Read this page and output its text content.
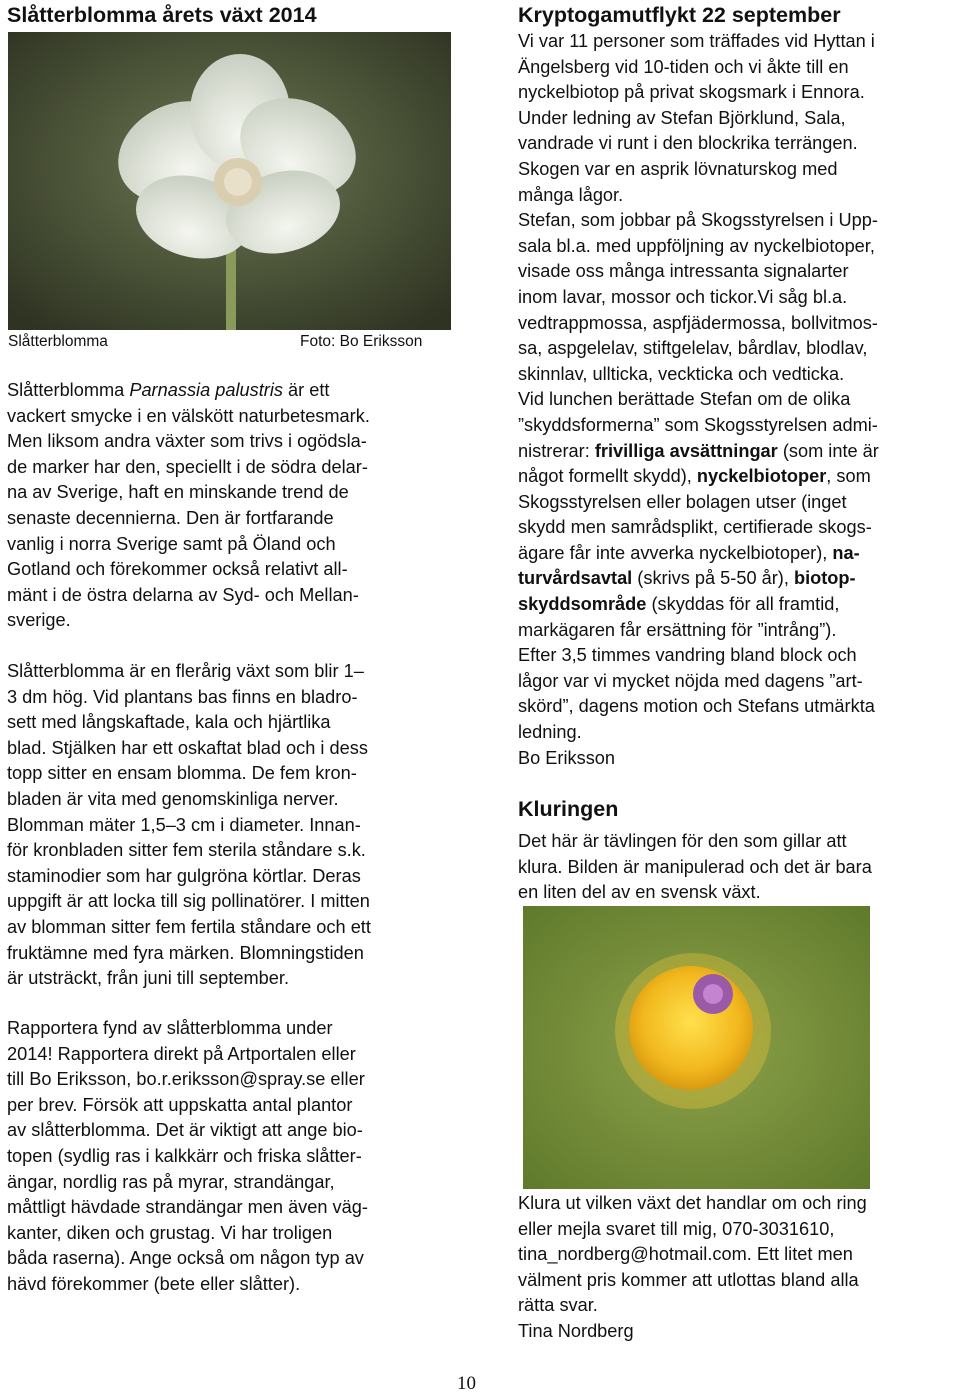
Slåtterblomma årets växt 2014	Kryptogamutflykt 22 september
Slåtterblomma	Foto: Bo Eriksson

Slåtterblomma Parnassia palustris är ett
vackert smycke i en välskött naturbetesmark.
Men liksom andra växter som trivs i ogödsla-
de marker har den, speciellt i de södra delar-
na av Sverige, haft en minskande trend de
senaste decennierna. Den är fortfarande
vanlig i norra Sverige samt på Öland och
Gotland och förekommer också relativt all-
mänt i de östra delarna av Syd- och Mellan-
sverige.

Slåtterblomma är en flerårig växt som blir 1–
3 dm hög. Vid plantans bas finns en bladro-
sett med långskaftade, kala och hjärtlika
blad. Stjälken har ett oskaftat blad och i dess
topp sitter en ensam blomma. De fem kron-
bladen är vita med genomskinliga nerver.
Blomman mäter 1,5–3 cm i diameter. Innan-
för kronbladen sitter fem sterila ståndare s.k.
staminodier som har gulgröna körtlar. Deras
uppgift är att locka till sig pollinatörer. I mitten
av blomman sitter fem fertila ståndare och ett
fruktämne med fyra märken. Blomningstiden
är utsträckt, från juni till september.

Rapportera fynd av slåtterblomma under
2014! Rapportera direkt på Artportalen eller
till Bo Eriksson, bo.r.eriksson@spray.se eller
per brev. Försök att uppskatta antal plantor
av slåtterblomma. Det är viktigt att ange bio-
topen (sydlig ras i kalkkärr och friska slåtter-
ängar, nordlig ras på myrar, strandängar,
måttligt hävdade strandängar men även väg-
kanter, diken och grustag. Vi har troligen
båda raserna). Ange också om någon typ av
hävd förekommer (bete eller slåtter).

Vi var 11 personer som träffades vid Hyttan i
Ängelsberg vid 10-tiden och vi åkte till en
nyckelbiotop på privat skogsmark i Ennora.
Under ledning av Stefan Björklund, Sala,
vandrade vi runt i den blockrika terrängen.
Skogen var en asprik lövnaturskog med
många lågor.
Stefan, som jobbar på Skogsstyrelsen i Upp-
sala bl.a. med uppföljning av nyckelbiotoper,
visade oss många intressanta signalarter
inom lavar, mossor och tickor.Vi såg bl.a.
vedtrappmossa, aspfjädermossa, bollvitmos-
sa, aspgelelav, stiftgelelav, bårdlav, blodlav,
skinnlav, ullticka, veckticka och vedticka.
Vid lunchen berättade Stefan om de olika
”skyddsformerna” som Skogsstyrelsen admi-
nistrerar: frivilliga avsättningar (som inte är
något formellt skydd), nyckelbiotoper, som
Skogsstyrelsen eller bolagen utser (inget
skydd men samrådsplikt, certifierade skogs-
ägare får inte avverka nyckelbiotoper), na-
turvårdsavtal (skrivs på 5-50 år), biotop-
skyddsområde (skyddas för all framtid,
markägaren får ersättning för ”intrång”).
Efter 3,5 timmes vandring bland block och
lågor var vi mycket nöjda med dagens ”art-
skörd”, dagens motion och Stefans utmärkta
ledning.
Bo Eriksson

Kluringen

Det här är tävlingen för den som gillar att
klura. Bilden är manipulerad och det är bara
en liten del av en svensk växt.

Klura ut vilken växt det handlar om och ring
eller mejla svaret till mig, 070-3031610,
tina_nordberg@hotmail.com. Ett litet men
välment pris kommer att utlottas bland alla
rätta svar.
Tina Nordberg

10
